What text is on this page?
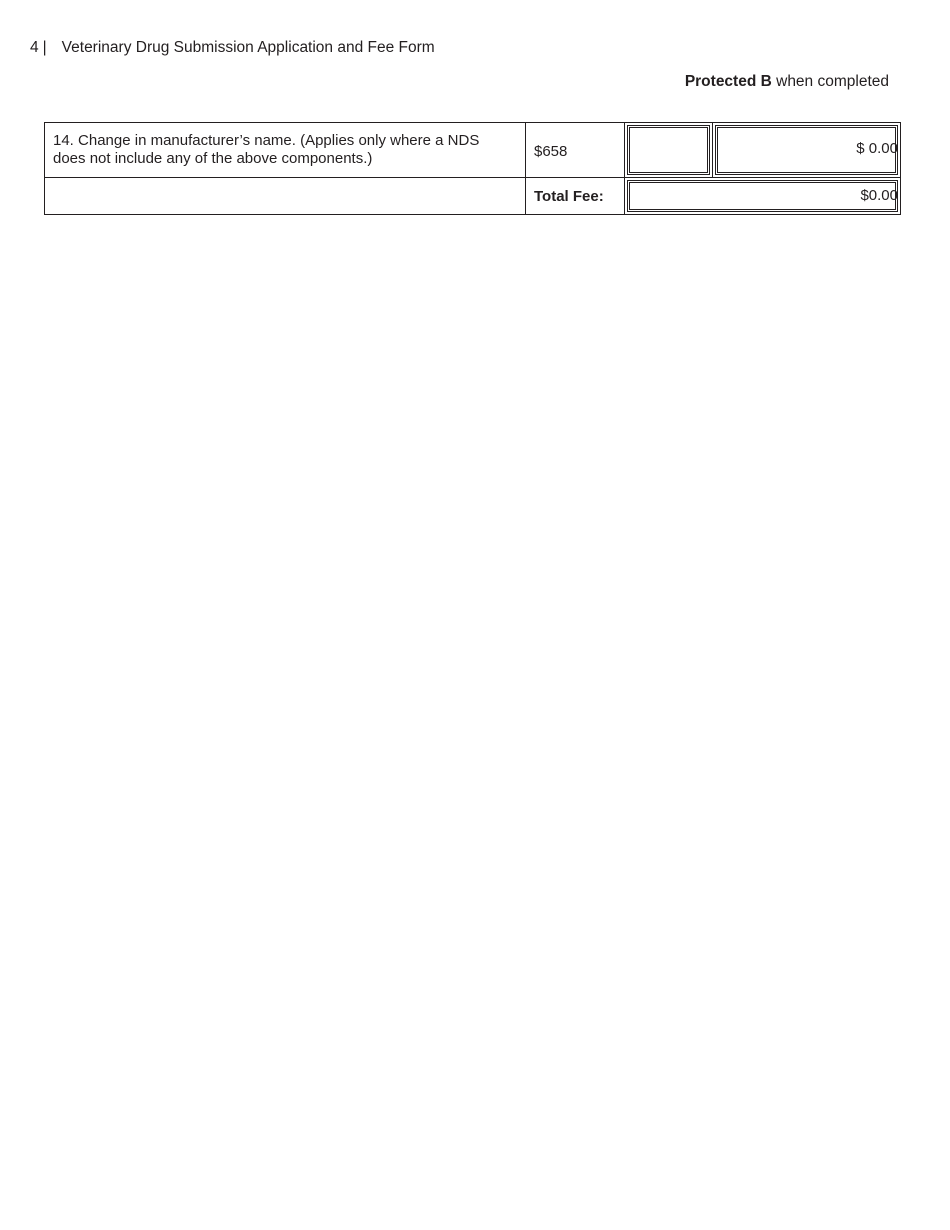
4 | Veterinary Drug Submission Application and Fee Form
Protected B when completed
14. Change in manufacturer’s name. (Applies only where a NDS
does not include any of the above components.)	$658		$ 0.00

	Total Fee:	$0.00	
